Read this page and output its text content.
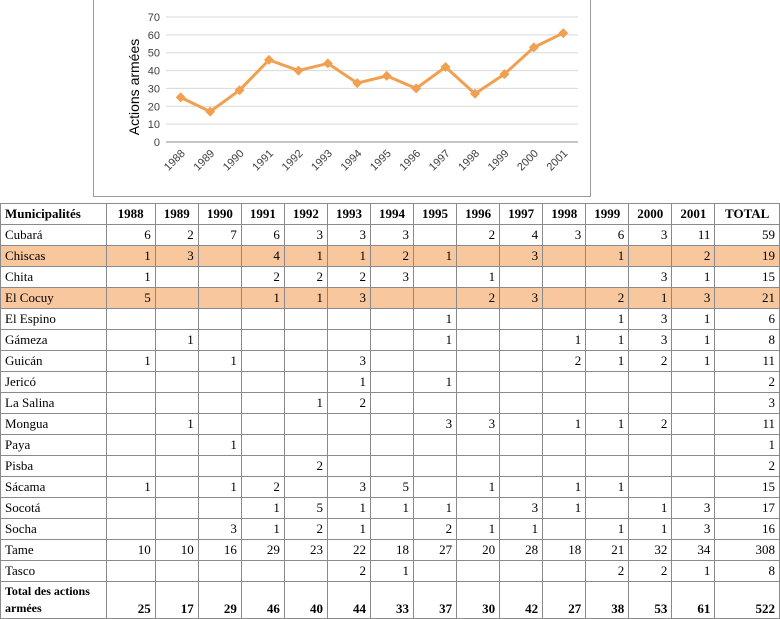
0
10
20
30
40
50
60
70
1988 1989 1990 1991 1992 1993 1994 1995 1996 1997 1998 1999 2000 2001
Actions armées
Municipalités	1988	1989	1990	1991	1992	1993	1994	1995	1996	1997	1998	1999	2000	2001	TOTAL
Cubará	6	2	7	6	3	3	3		2	4	3	6	3	11	59
Chiscas	1	3		4	1	1	2	1		3		1		2	19
Chita	1			2	2	2	3		1				3	1	15
El Cocuy	5			1	1	3			2	3		2	1	3	21
El Espino								1				1	3	1	6
Gámeza		1						1			1	1	3	1	8
Guicán	1		1			3					2	1	2	1	11
Jericó						1		1							2
La Salina					1	2									3
Mongua		1						3	3		1	1	2		11
Paya			1												1
Pisba					2										2
Sácama	1		1	2		3	5		1		1	1			15
Socotá				1	5	1	1	1		3	1		1	3	17
Socha			3	1	2	1		2	1	1		1	1	3	16
Tame	10	10	16	29	23	22	18	27	20	28	18	21	32	34	308
Tasco						2	1					2	2	1	8
Total des actions armées	25	17	29	46	40	44	33	37	30	42	27	38	53	61	522
